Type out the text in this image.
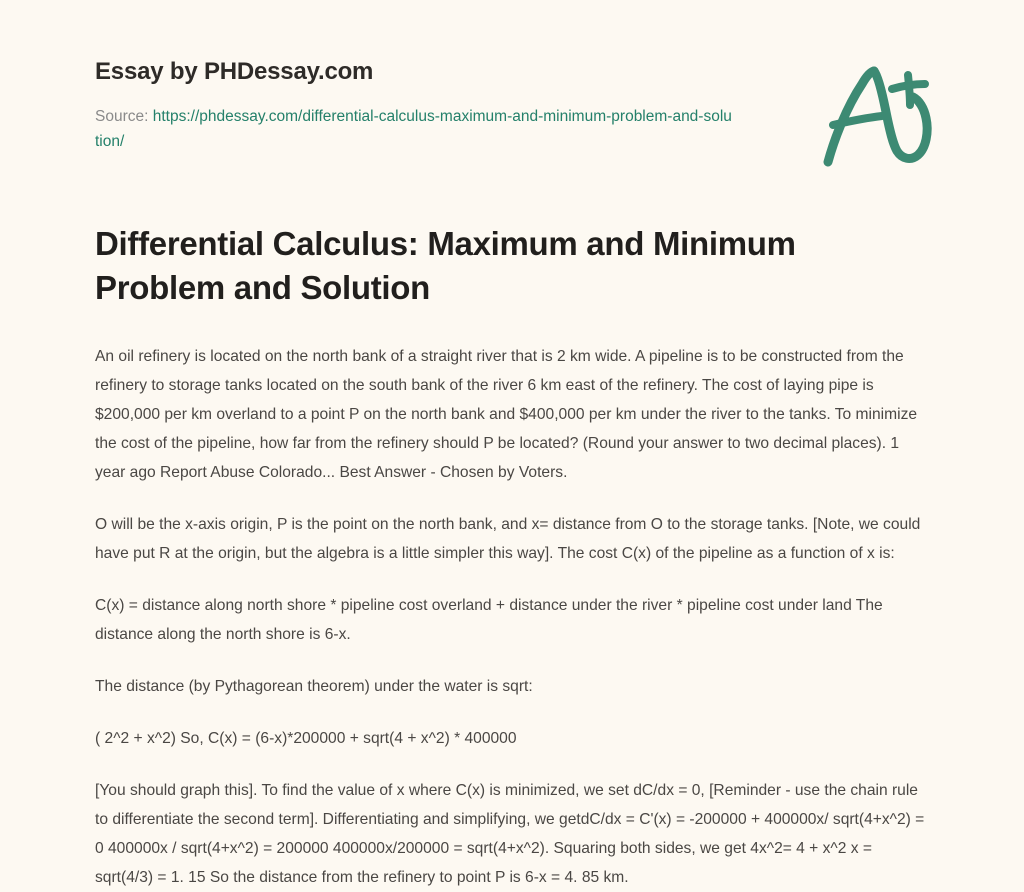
Essay by PHDessay.com
Source: https://phdessay.com/differential-calculus-maximum-and-minimum-problem-and-solution/
Differential Calculus: Maximum and Minimum Problem and Solution

An oil refinery is located on the north bank of a straight river that is 2 km wide. A pipeline is to be constructed from the refinery to storage tanks located on the south bank of the river 6 km east of the refinery. The cost of laying pipe is $200,000 per km overland to a point P on the north bank and $400,000 per km under the river to the tanks. To minimize the cost of the pipeline, how far from the refinery should P be located? (Round your answer to two decimal places). 1 year ago Report Abuse Colorado... Best Answer - Chosen by Voters.

O will be the x-axis origin, P is the point on the north bank, and x= distance from O to the storage tanks. [Note, we could have put R at the origin, but the algebra is a little simpler this way]. The cost C(x) of the pipeline as a function of x is:

C(x) = distance along north shore * pipeline cost overland + distance under the river * pipeline cost under land The distance along the north shore is 6-x.

The distance (by Pythagorean theorem) under the water is sqrt:

( 2^2 + x^2) So, C(x) = (6-x)*200000 + sqrt(4 + x^2) * 400000

[You should graph this]. To find the value of x where C(x) is minimized, we set dC/dx = 0, [Reminder - use the chain rule to differentiate the second term]. Differentiating and simplifying, we getdC/dx = C'(x) = -200000 + 400000x/ sqrt(4+x^2) = 0 400000x / sqrt(4+x^2) = 200000 400000x/200000 = sqrt(4+x^2). Squaring both sides, we get 4x^2= 4 + x^2 x = sqrt(4/3) = 1. 15 So the distance from the refinery to point P is 6-x = 4. 85 km.
